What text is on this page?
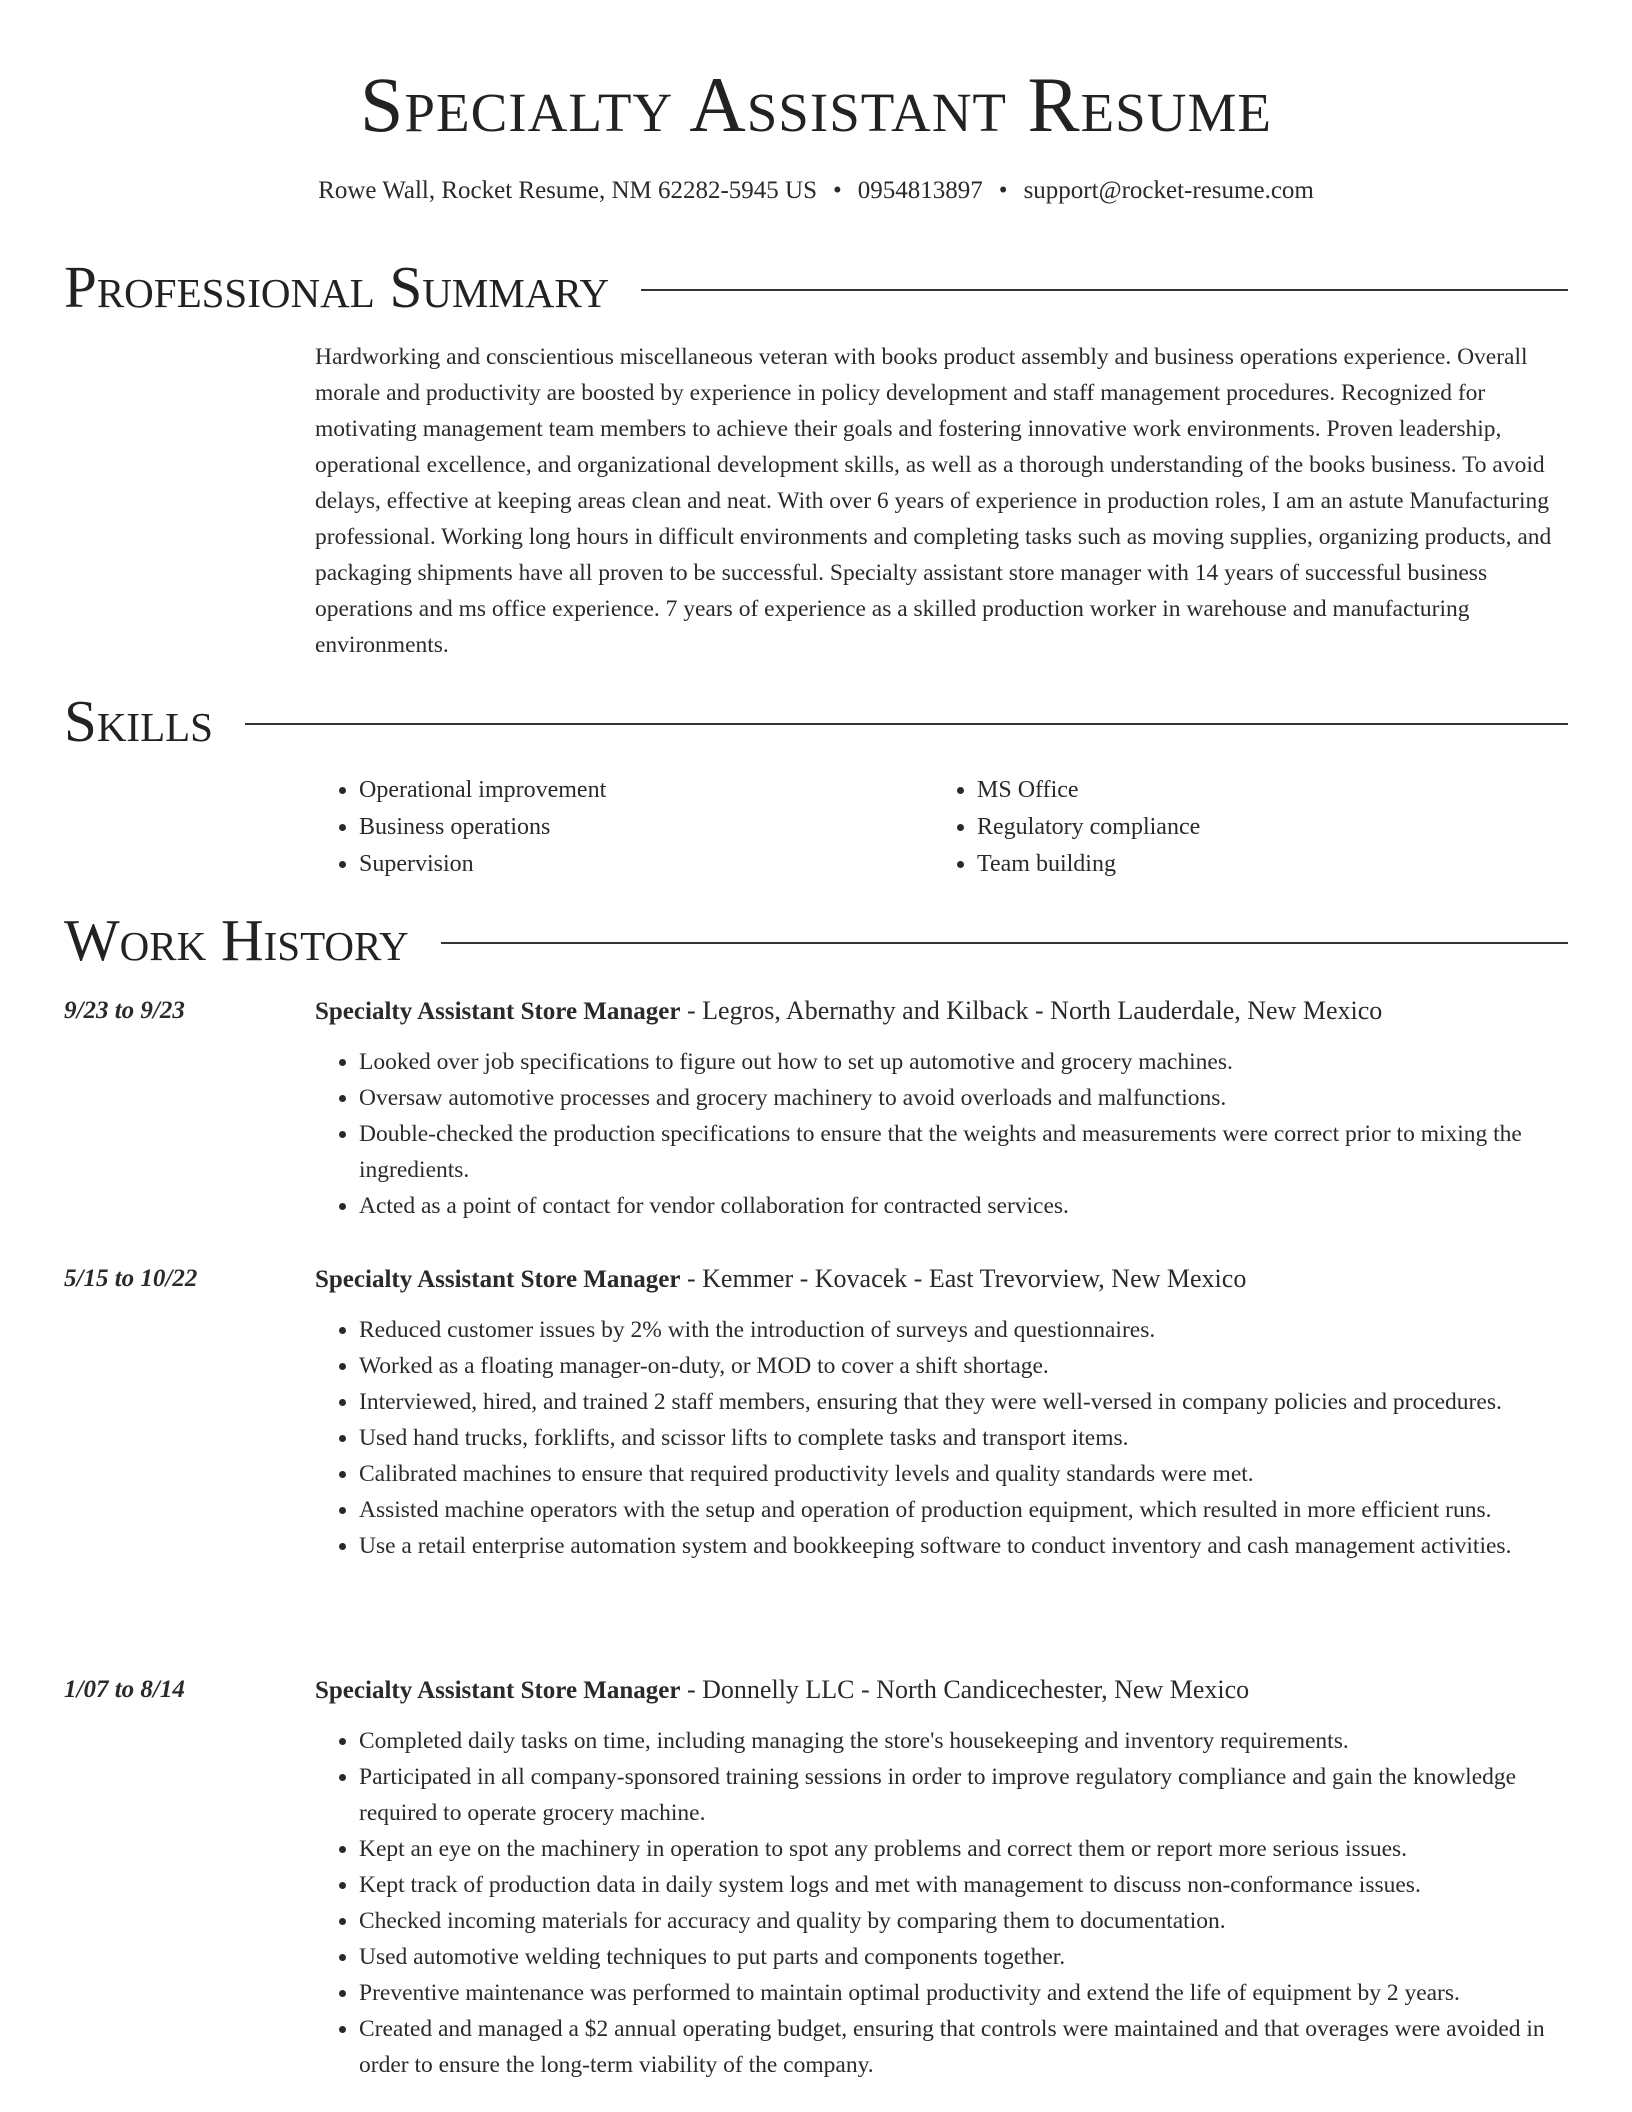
Specialty Assistant Resume
Rowe Wall, Rocket Resume, NM 62282-5945 US • 0954813897 • support@rocket-resume.com
Professional Summary

Hardworking and conscientious miscellaneous veteran with books product assembly and business operations experience. Overall morale and productivity are boosted by experience in policy development and staff management procedures. Recognized for motivating management team members to achieve their goals and fostering innovative work environments. Proven leadership, operational excellence, and organizational development skills, as well as a thorough understanding of the books business. To avoid delays, effective at keeping areas clean and neat. With over 6 years of experience in production roles, I am an astute Manufacturing professional. Working long hours in difficult environments and completing tasks such as moving supplies, organizing products, and packaging shipments have all proven to be successful. Specialty assistant store manager with 14 years of successful business operations and ms office experience. 7 years of experience as a skilled production worker in warehouse and manufacturing environments.

Skills
• Operational improvement
• Business operations
• Supervision
• MS Office
• Regulatory compliance
• Team building
Work History
9/23 to 9/23	Specialty Assistant Store Manager - Legros, Abernathy and Kilback - North Lauderdale, New Mexico
• Looked over job specifications to figure out how to set up automotive and grocery machines.
• Oversaw automotive processes and grocery machinery to avoid overloads and malfunctions.
• Double-checked the production specifications to ensure that the weights and measurements were correct prior to mixing the ingredients.
• Acted as a point of contact for vendor collaboration for contracted services.
5/15 to 10/22	Specialty Assistant Store Manager - Kemmer - Kovacek - East Trevorview, New Mexico
• Reduced customer issues by 2% with the introduction of surveys and questionnaires.
• Worked as a floating manager-on-duty, or MOD to cover a shift shortage.
• Interviewed, hired, and trained 2 staff members, ensuring that they were well-versed in company policies and procedures.
• Used hand trucks, forklifts, and scissor lifts to complete tasks and transport items.
• Calibrated machines to ensure that required productivity levels and quality standards were met.
• Assisted machine operators with the setup and operation of production equipment, which resulted in more efficient runs.
• Use a retail enterprise automation system and bookkeeping software to conduct inventory and cash management activities.
1/07 to 8/14	Specialty Assistant Store Manager - Donnelly LLC - North Candicechester, New Mexico
• Completed daily tasks on time, including managing the store's housekeeping and inventory requirements.
• Participated in all company-sponsored training sessions in order to improve regulatory compliance and gain the knowledge required to operate grocery machine.
• Kept an eye on the machinery in operation to spot any problems and correct them or report more serious issues.
• Kept track of production data in daily system logs and met with management to discuss non-conformance issues.
• Checked incoming materials for accuracy and quality by comparing them to documentation.
• Used automotive welding techniques to put parts and components together.
• Preventive maintenance was performed to maintain optimal productivity and extend the life of equipment by 2 years.
• Created and managed a $2 annual operating budget, ensuring that controls were maintained and that overages were avoided in order to ensure the long-term viability of the company.
